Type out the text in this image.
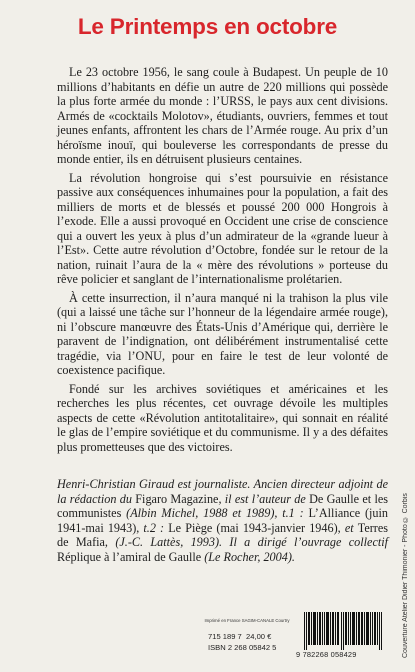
Le Printemps en octobre

Le 23 octobre 1956, le sang coule à Budapest. Un peuple de 10 millions d’habitants en défie un autre de 220 millions qui possède la plus forte armée du monde : l’URSS, le pays aux cent divisions. Armés de «cocktails Molotov», étudiants, ouvriers, femmes et tout jeunes enfants, affrontent les chars de l’Armée rouge. Au prix d’un héroïsme inouï, qui bouleverse les correspondants de presse du monde entier, ils en détruisent plusieurs centaines.

La révolution hongroise qui s’est poursuivie en résistance passive aux conséquences inhumaines pour la population, a fait des milliers de morts et de blessés et poussé 200 000 Hongrois à l’exode. Elle a aussi provoqué en Occident une crise de conscience qui a ouvert les yeux à plus d’un admirateur de la «grande lueur à l’Est». Cette autre révolution d’Octobre, fondée sur le retour de la nation, ruinait l’aura de la « mère des révolutions » porteuse du rêve policier et sanglant de l’internationalisme prolétarien.

À cette insurrection, il n’aura manqué ni la trahison la plus vile (qui a laissé une tâche sur l’honneur de la légendaire armée rouge), ni l’obscure manœuvre des États-Unis d’Amérique qui, derrière le paravent de l’indignation, ont délibérément instrumentalisé cette tragédie, via l’ONU, pour en faire le test de leur volonté de coexistence pacifique.

Fondé sur les archives soviétiques et américaines et les recherches les plus récentes, cet ouvrage dévoile les multiples aspects de cette «Révolution antitotalitaire», qui sonnait en réalité le glas de l’empire soviétique et du communisme. Il y a des défaites plus prometteuses que des victoires.

Henri-Christian Giraud est journaliste. Ancien directeur adjoint de la rédaction du Figaro Magazine, il est l’auteur de De Gaulle et les communistes (Albin Michel, 1988 et 1989), t.1 : L’Alliance (juin 1941-mai 1943), t.2 : Le Piège (mai 1943-janvier 1946), et Terres de Mafia, (J.-C. Lattès, 1993). Il a dirigé l’ouvrage collectif Réplique à l’amiral de Gaulle (Le Rocher, 2004).	Couverture Atelier Didier Thimonier - Photo © Corbis
Imprimé en France SAGIM-CANALE Courtry
715 189 7 24,00 €
ISBN 2 268 05842 5
9 782268 058429
